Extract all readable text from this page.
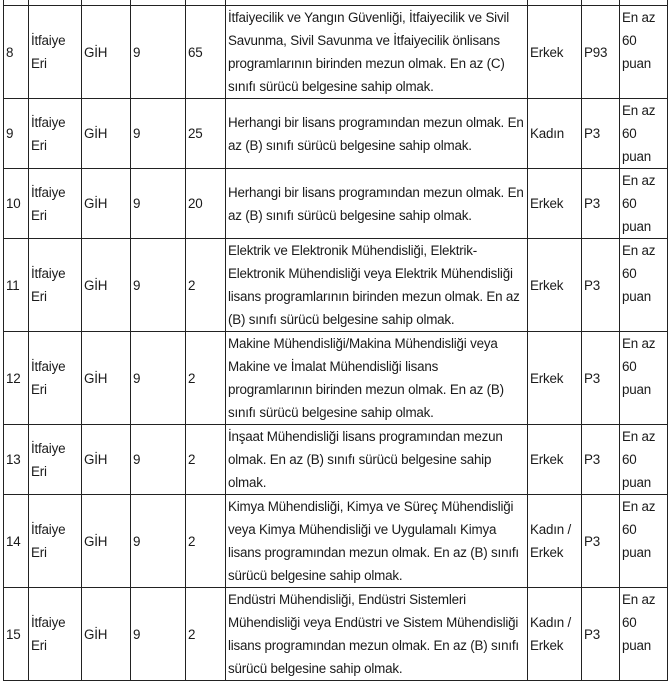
8	İtfaiye Eri	GİH	9	65	İtfaiyecilik ve Yangın Güvenliği, İtfaiyecilik ve Sivil Savunma, Sivil Savunma ve İtfaiyecilik önlisans programlarının birinden mezun olmak. En az (C) sınıfı sürücü belgesine sahip olmak.	Erkek	P93	En az 60 puan
9	İtfaiye Eri	GİH	9	25	Herhangi bir lisans programından mezun olmak. En az (B) sınıfı sürücü belgesine sahip olmak.	Kadın	P3	En az 60 puan
10	İtfaiye Eri	GİH	9	20	Herhangi bir lisans programından mezun olmak. En az (B) sınıfı sürücü belgesine sahip olmak.	Erkek	P3	En az 60 puan
11	İtfaiye Eri	GİH	9	2	Elektrik ve Elektronik Mühendisliği, Elektrik-Elektronik Mühendisliği veya Elektrik Mühendisliği lisans programlarının birinden mezun olmak. En az (B) sınıfı sürücü belgesine sahip olmak.	Erkek	P3	En az 60 puan
12	İtfaiye Eri	GİH	9	2	Makine Mühendisliği/Makina Mühendisliği veya Makine ve İmalat Mühendisliği lisans programlarının birinden mezun olmak. En az (B) sınıfı sürücü belgesine sahip olmak.	Erkek	P3	En az 60 puan
13	İtfaiye Eri	GİH	9	2	İnşaat Mühendisliği lisans programından mezun olmak. En az (B) sınıfı sürücü belgesine sahip olmak.	Erkek	P3	En az 60 puan
14	İtfaiye Eri	GİH	9	2	Kimya Mühendisliği, Kimya ve Süreç Mühendisliği veya Kimya Mühendisliği ve Uygulamalı Kimya lisans programından mezun olmak. En az (B) sınıfı sürücü belgesine sahip olmak.	Kadın / Erkek	P3	En az 60 puan
15	İtfaiye Eri	GİH	9	2	Endüstri Mühendisliği, Endüstri Sistemleri Mühendisliği veya Endüstri ve Sistem Mühendisliği lisans programından mezun olmak. En az (B) sınıfı sürücü belgesine sahip olmak.	Kadın / Erkek	P3	En az 60 puan
